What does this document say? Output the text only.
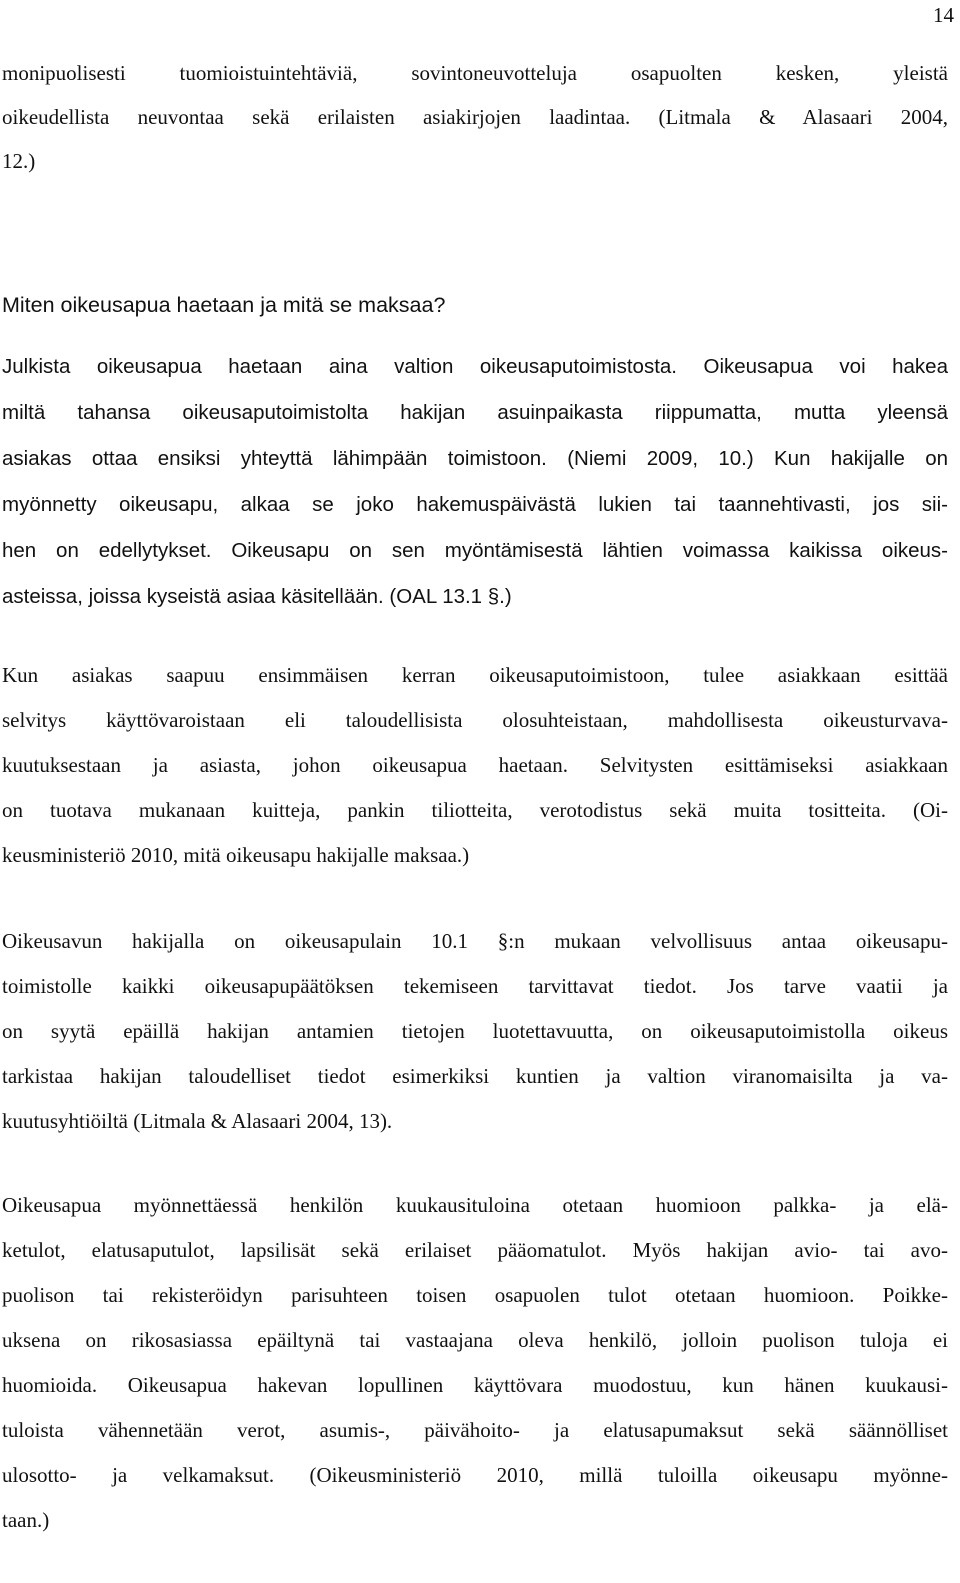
14
monipuolisesti tuomioistuintehtäviä, sovintoneuvotteluja osapuolten kesken, yleistä
oikeudellista neuvontaa sekä erilaisten asiakirjojen laadintaa. (Litmala & Alasaari 2004,
12.)
Miten oikeusapua haetaan ja mitä se maksaa?
Julkista oikeusapua haetaan aina valtion oikeusaputoimistosta. Oikeusapua voi hakea
miltä tahansa oikeusaputoimistolta hakijan asuinpaikasta riippumatta, mutta yleensä
asiakas ottaa ensiksi yhteyttä lähimpään toimistoon. (Niemi 2009, 10.) Kun hakijalle on
myönnetty oikeusapu, alkaa se joko hakemuspäivästä lukien tai taannehtivasti, jos sii-
hen on edellytykset. Oikeusapu on sen myöntämisestä lähtien voimassa kaikissa oikeus-
asteissa, joissa kyseistä asiaa käsitellään. (OAL 13.1 §.)
Kun asiakas saapuu ensimmäisen kerran oikeusaputoimistoon, tulee asiakkaan esittää
selvitys käyttövaroistaan eli taloudellisista olosuhteistaan, mahdollisesta oikeusturvava-
kuutuksestaan ja asiasta, johon oikeusapua haetaan. Selvitysten esittämiseksi asiakkaan
on tuotava mukanaan kuitteja, pankin tiliotteita, verotodistus sekä muita tositteita. (Oi-
keusministeriö 2010, mitä oikeusapu hakijalle maksaa.)
Oikeusavun hakijalla on oikeusapulain 10.1 §:n mukaan velvollisuus antaa oikeusapu-
toimistolle kaikki oikeusapupäätöksen tekemiseen tarvittavat tiedot. Jos tarve vaatii ja
on syytä epäillä hakijan antamien tietojen luotettavuutta, on oikeusaputoimistolla oikeus
tarkistaa hakijan taloudelliset tiedot esimerkiksi kuntien ja valtion viranomaisilta ja va-
kuutusyhtiöiltä (Litmala & Alasaari 2004, 13).
Oikeusapua myönnettäessä henkilön kuukausituloina otetaan huomioon palkka- ja elä-
ketulot, elatusaputulot, lapsilisät sekä erilaiset pääomatulot. Myös hakijan avio- tai avo-
puolison tai rekisteröidyn parisuhteen toisen osapuolen tulot otetaan huomioon. Poikke-
uksena on rikosasiassa epäiltynä tai vastaajana oleva henkilö, jolloin puolison tuloja ei
huomioida. Oikeusapua hakevan lopullinen käyttövara muodostuu, kun hänen kuukausi-
tuloista vähennetään verot, asumis-, päivähoito- ja elatusapumaksut sekä säännölliset
ulosotto- ja velkamaksut. (Oikeusministeriö 2010, millä tuloilla oikeusapu myönne-
taan.)
